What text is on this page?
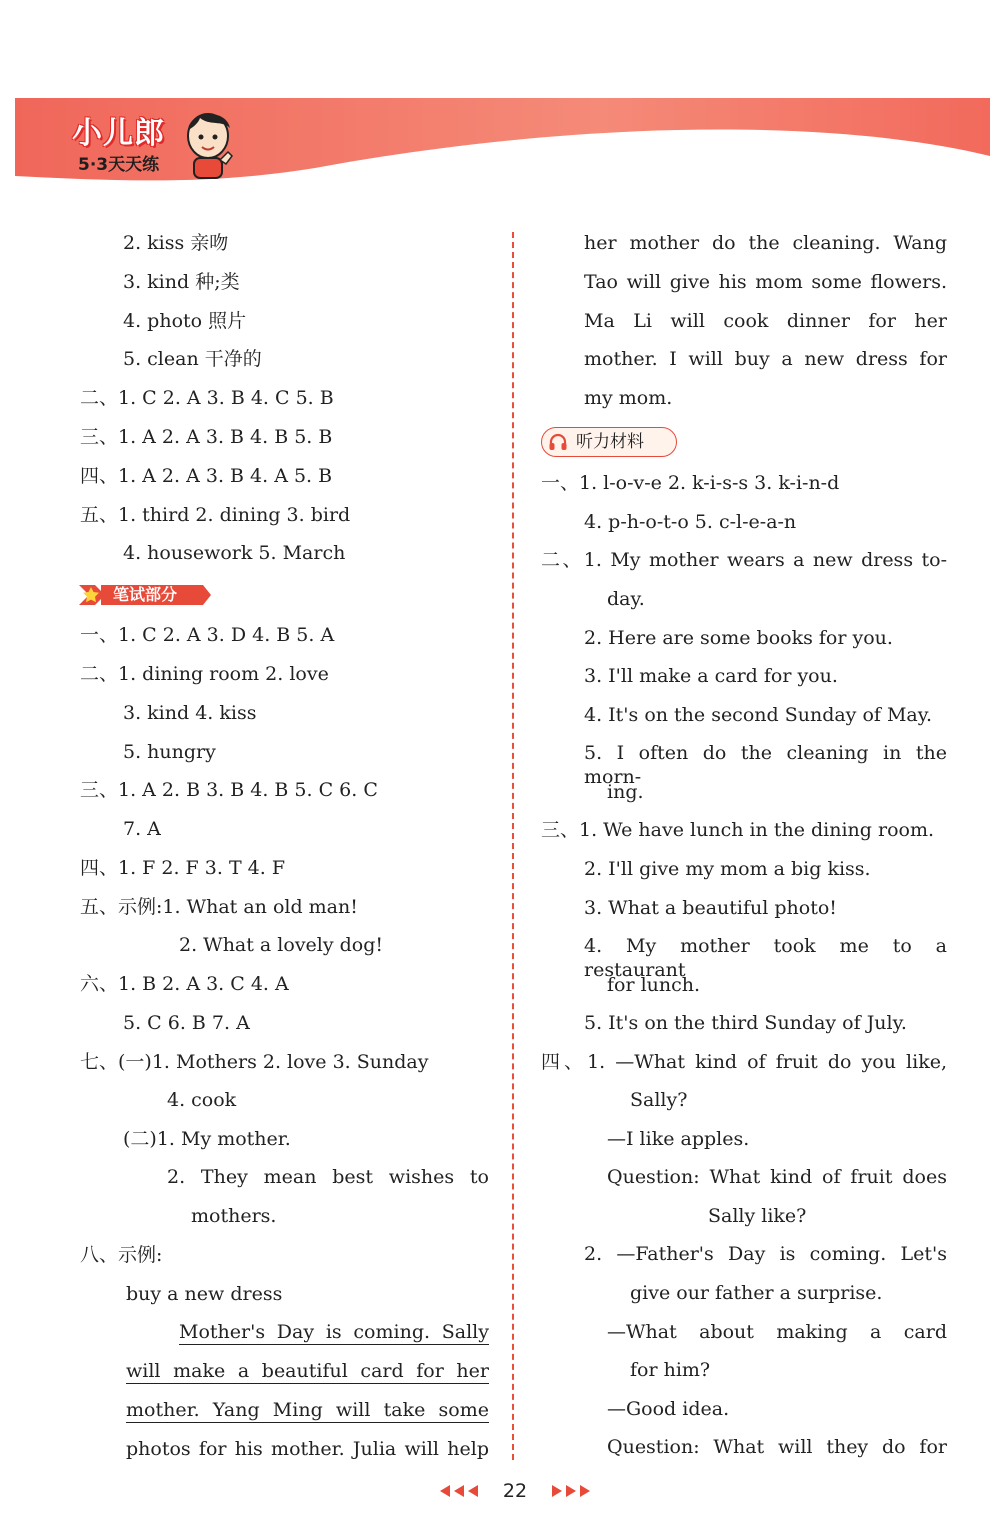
小儿郎
5·3天天练
2. kiss 亲吻
3. kind 种;类
4. photo 照片
5. clean 干净的
二、1. C 2. A 3. B 4. C 5. B
三、1. A 2. A 3. B 4. B 5. B
四、1. A 2. A 3. B 4. A 5. B
五、1. third 2. dining 3. bird
4. housework 5. March
笔试部分
一、1. C 2. A 3. D 4. B 5. A
二、1. dining room 2. love
3. kind 4. kiss
5. hungry
三、1. A 2. B 3. B 4. B 5. C 6. C
7. A
四、1. F 2. F 3. T 4. F
五、示例:1. What an old man!
2. What a lovely dog!
六、1. B 2. A 3. C 4. A
5. C 6. B 7. A
七、(一)1. Mothers 2. love 3. Sunday
4. cook
(二)1. My mother.
2. They mean best wishes to
mothers.
八、示例:
buy a new dress
Mother's Day is coming. Sally
will make a beautiful card for her
mother. Yang Ming will take some
photos for his mother. Julia will help
her mother do the cleaning. Wang
Tao will give his mom some flowers.
Ma Li will cook dinner for her
mother. I will buy a new dress for
my mom.
听力材料
一、1. l-o-v-e 2. k-i-s-s 3. k-i-n-d
4. p-h-o-t-o 5. c-l-e-a-n
二、1. My mother wears a new dress to-
day.
2. Here are some books for you.
3. I'll make a card for you.
4. It's on the second Sunday of May.
5. I often do the cleaning in the morn-
ing.
三、1. We have lunch in the dining room.
2. I'll give my mom a big kiss.
3. What a beautiful photo!
4. My mother took me to a restaurant
for lunch.
5. It's on the third Sunday of July.
四、1. —What kind of fruit do you like,
Sally?
—I like apples.
Question: What kind of fruit does
Sally like?
2. —Father's Day is coming. Let's
give our father a surprise.
—What about making a card
for him?
—Good idea.
Question: What will they do for
22
